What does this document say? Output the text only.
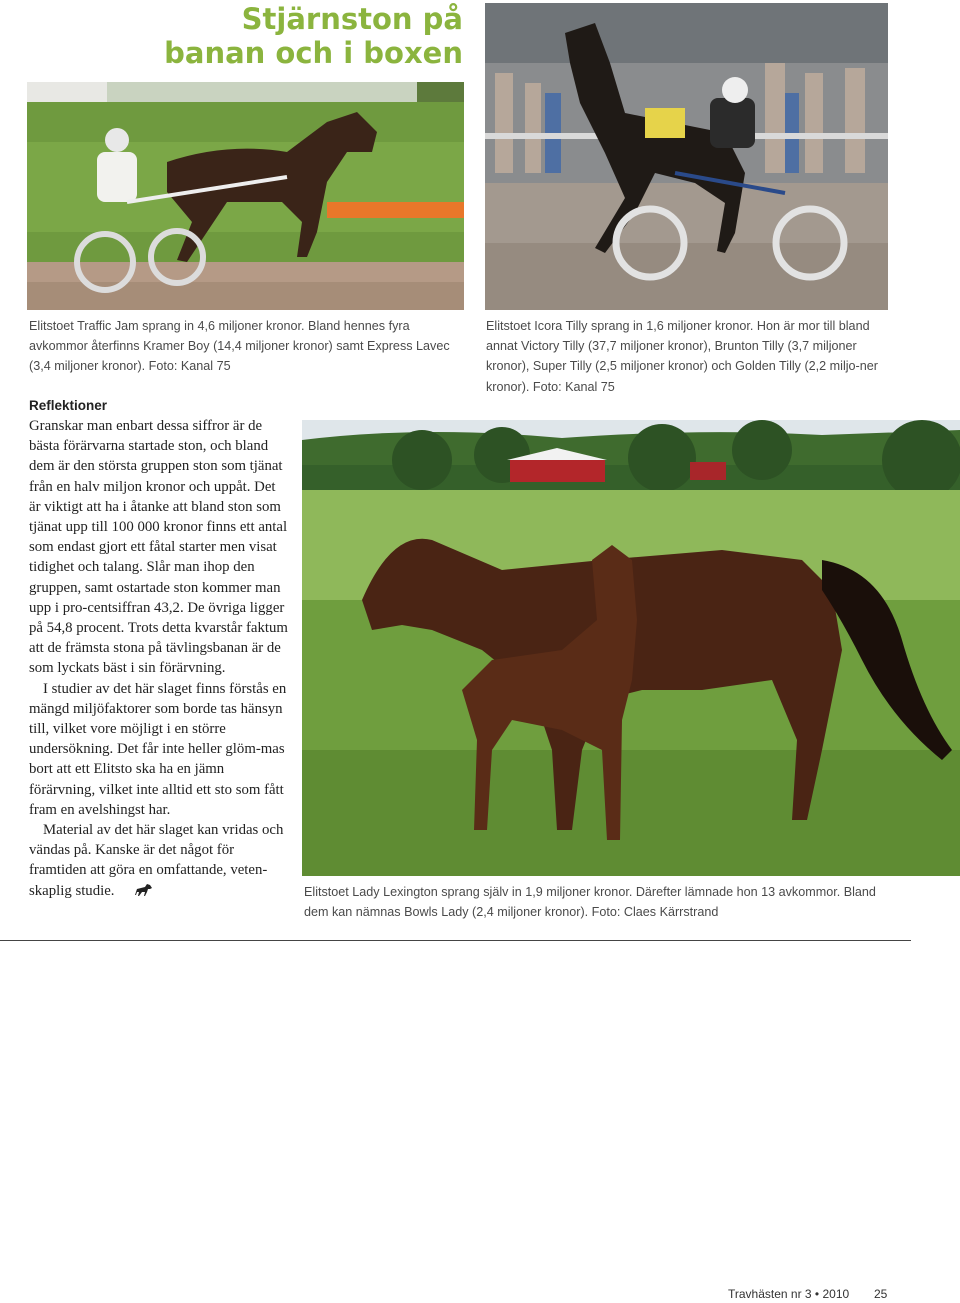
Stjärnston på
banan och i boxen
Elitstoet Traffic Jam sprang in 4,6 miljoner kronor. Bland hennes fyra avkommor återfinns Kramer Boy (14,4 miljoner kronor) samt Express Lavec (3,4 miljoner kronor). Foto: Kanal 75
Elitstoet Icora Tilly sprang in 1,6 miljoner kronor. Hon är mor till bland annat Victory Tilly (37,7 miljoner kronor), Brunton Tilly (3,7 miljoner kronor), Super Tilly (2,5 miljoner kronor) och Golden Tilly (2,2 miljo-ner kronor). Foto: Kanal 75
Elitstoet Lady Lexington sprang själv in 1,9 miljoner kronor. Därefter lämnade hon 13 avkommor. Bland dem kan nämnas Bowls Lady (2,4 miljoner kronor). Foto: Claes Kärrstrand
Reflektioner

Granskar man enbart dessa siffror är de bästa förärvarna startade ston, och bland dem är den största gruppen ston som tjänat från en halv miljon kronor och uppåt. Det är viktigt att ha i åtanke att bland ston som tjänat upp till 100 000 kronor finns ett antal som endast gjort ett fåtal starter men visat tidighet och talang. Slår man ihop den gruppen, samt ostartade ston kommer man upp i pro-centsiffran 43,2. De övriga ligger på 54,8 procent. Trots detta kvarstår faktum att de främsta stona på tävlingsbanan är de som lyckats bäst i sin förärvning.

I studier av det här slaget finns förstås en mängd miljöfaktorer som borde tas hänsyn till, vilket vore möjligt i en större undersökning. Det får inte heller glöm-mas bort att ett Elitsto ska ha en jämn förärvning, vilket inte alltid ett sto som fått fram en avelshingst har.

Material av det här slaget kan vridas och vändas på. Kanske är det något för framtiden att göra en omfattande, veten-skaplig studie.

Travhästen nr 3 • 2010 25
